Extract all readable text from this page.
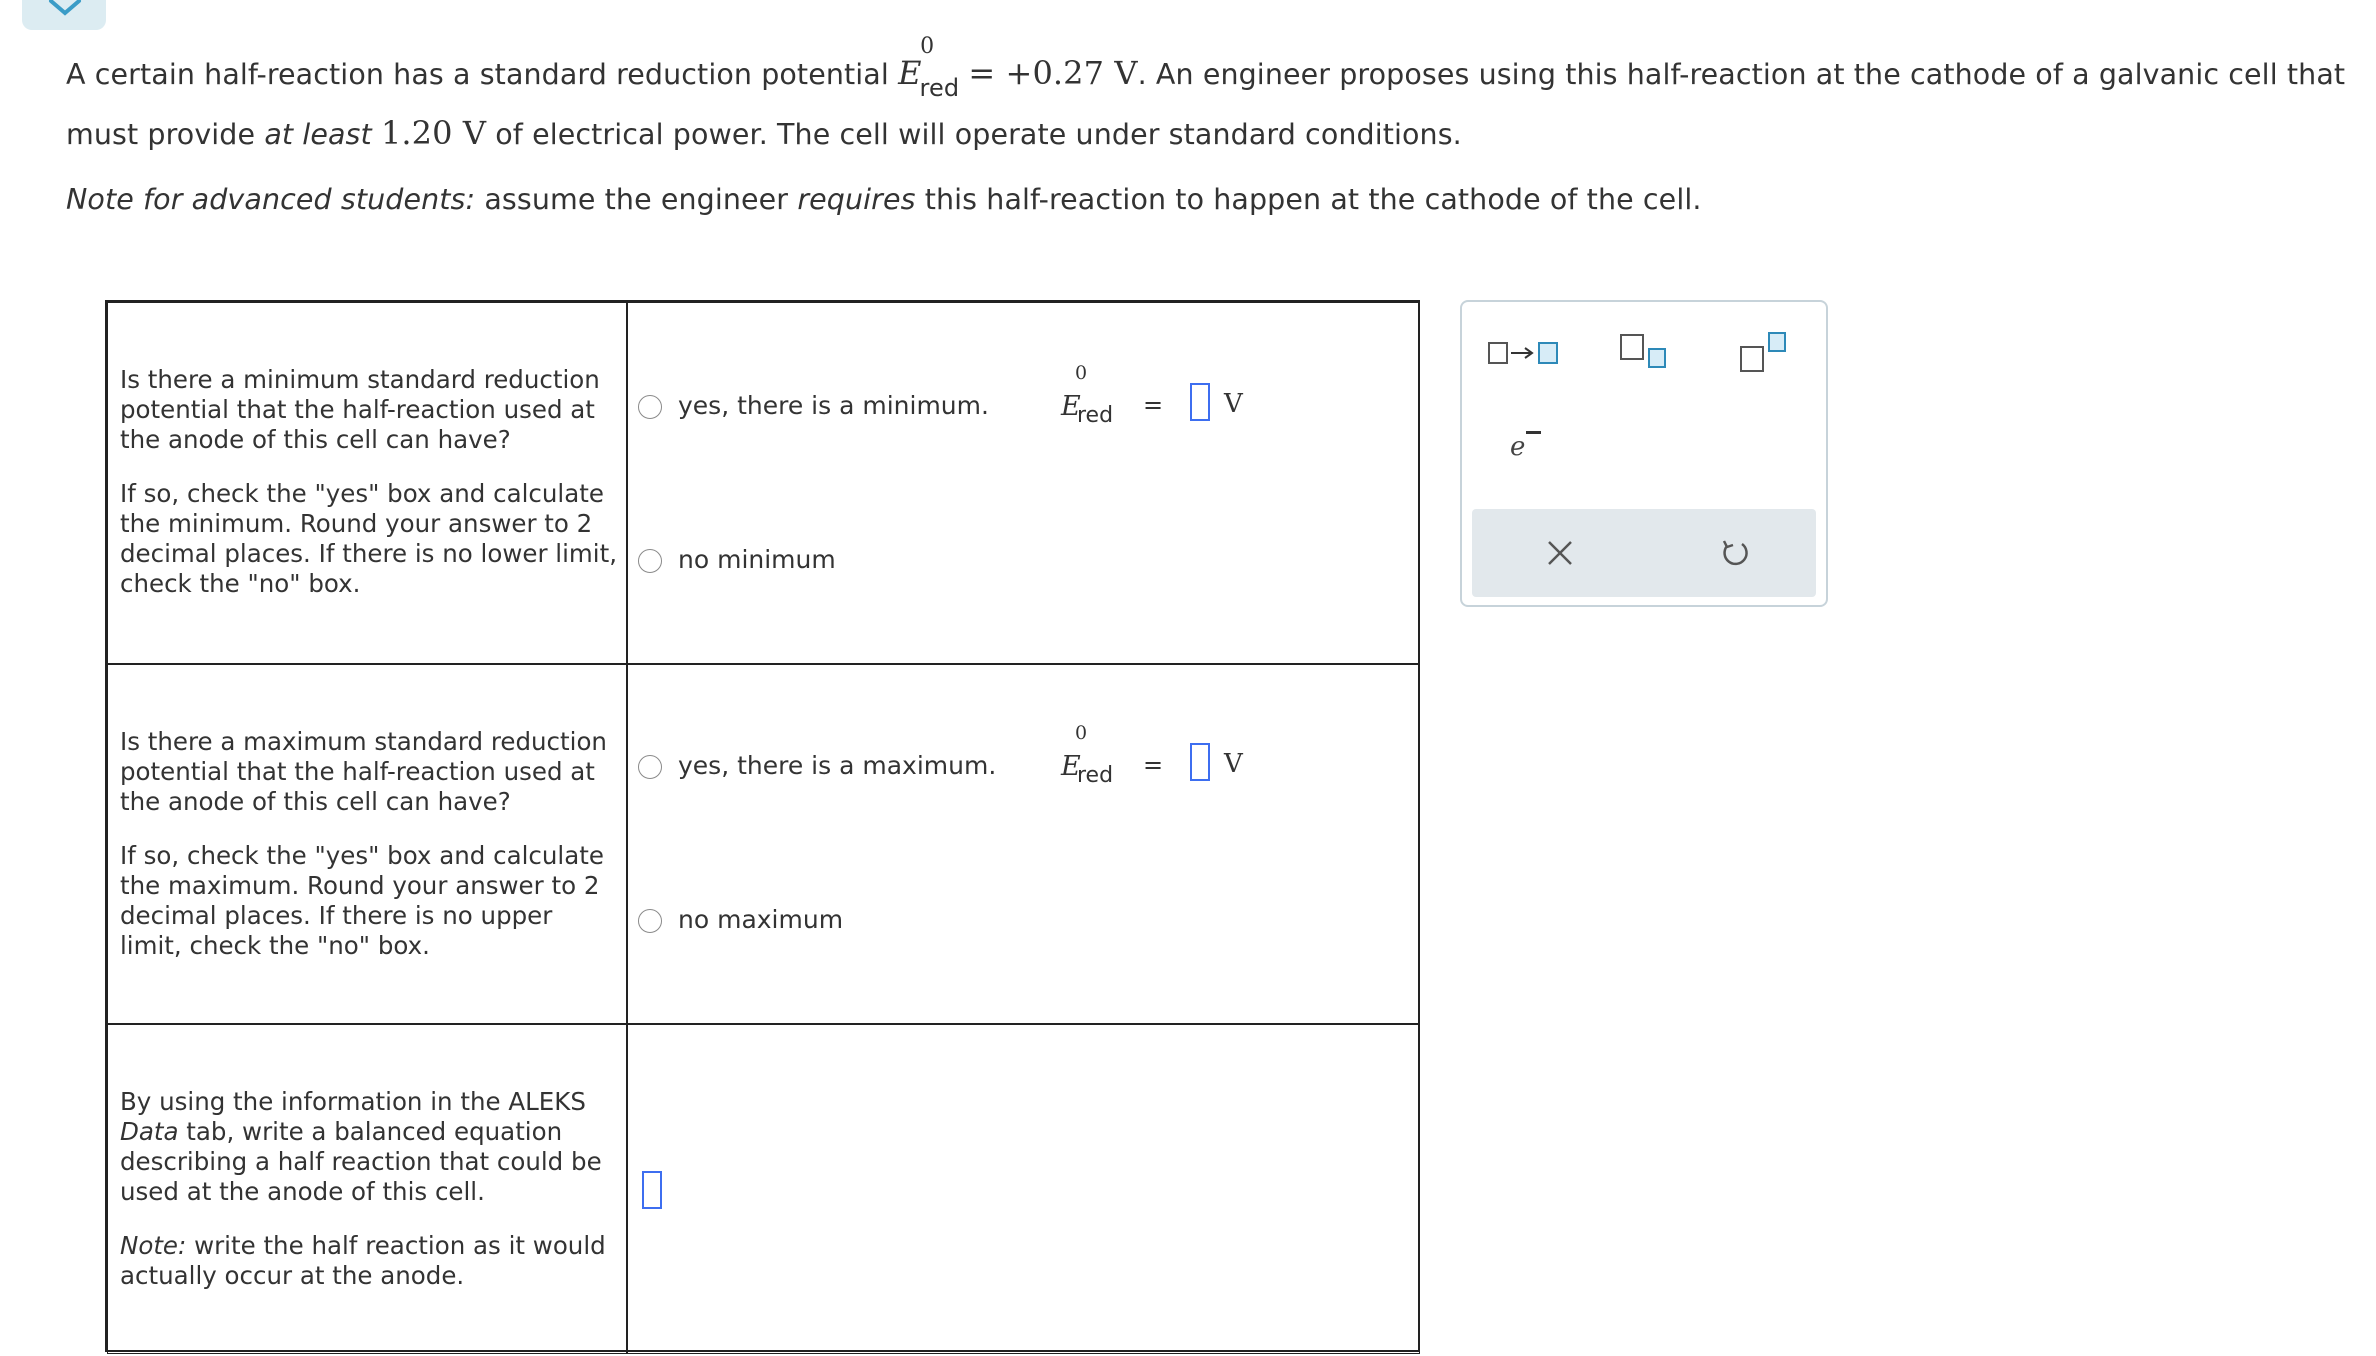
A certain half-reaction has a standard reduction potential E
0
$_{red}$ = +0.27 V. An engineer proposes using this half-reaction at the cathode of a galvanic cell that
must provide at least 1.20 V of electrical power. The cell will operate under standard conditions.
Note for advanced students: assume the engineer requires this half-reaction to happen at the cathode of the cell.

Is there a minimum standard reduction potential that the half-reaction used at the anode of this cell can have?

If so, check the "yes" box and calculate the minimum. Round your answer to 2 decimal places. If there is no lower limit, check the "no" box.

yes, there is a minimum.	E
0
red = V
no minimum

Is there a maximum standard reduction potential that the half-reaction used at the anode of this cell can have?

If so, check the "yes" box and calculate the maximum. Round your answer to 2 decimal places. If there is no upper limit, check the "no" box.

yes, there is a maximum. E
0
red = V
no maximum

By using the information in the ALEKS Data tab, write a balanced equation describing a half reaction that could be used at the anode of this cell.

Note: write the half reaction as it would actually occur at the anode.

e
